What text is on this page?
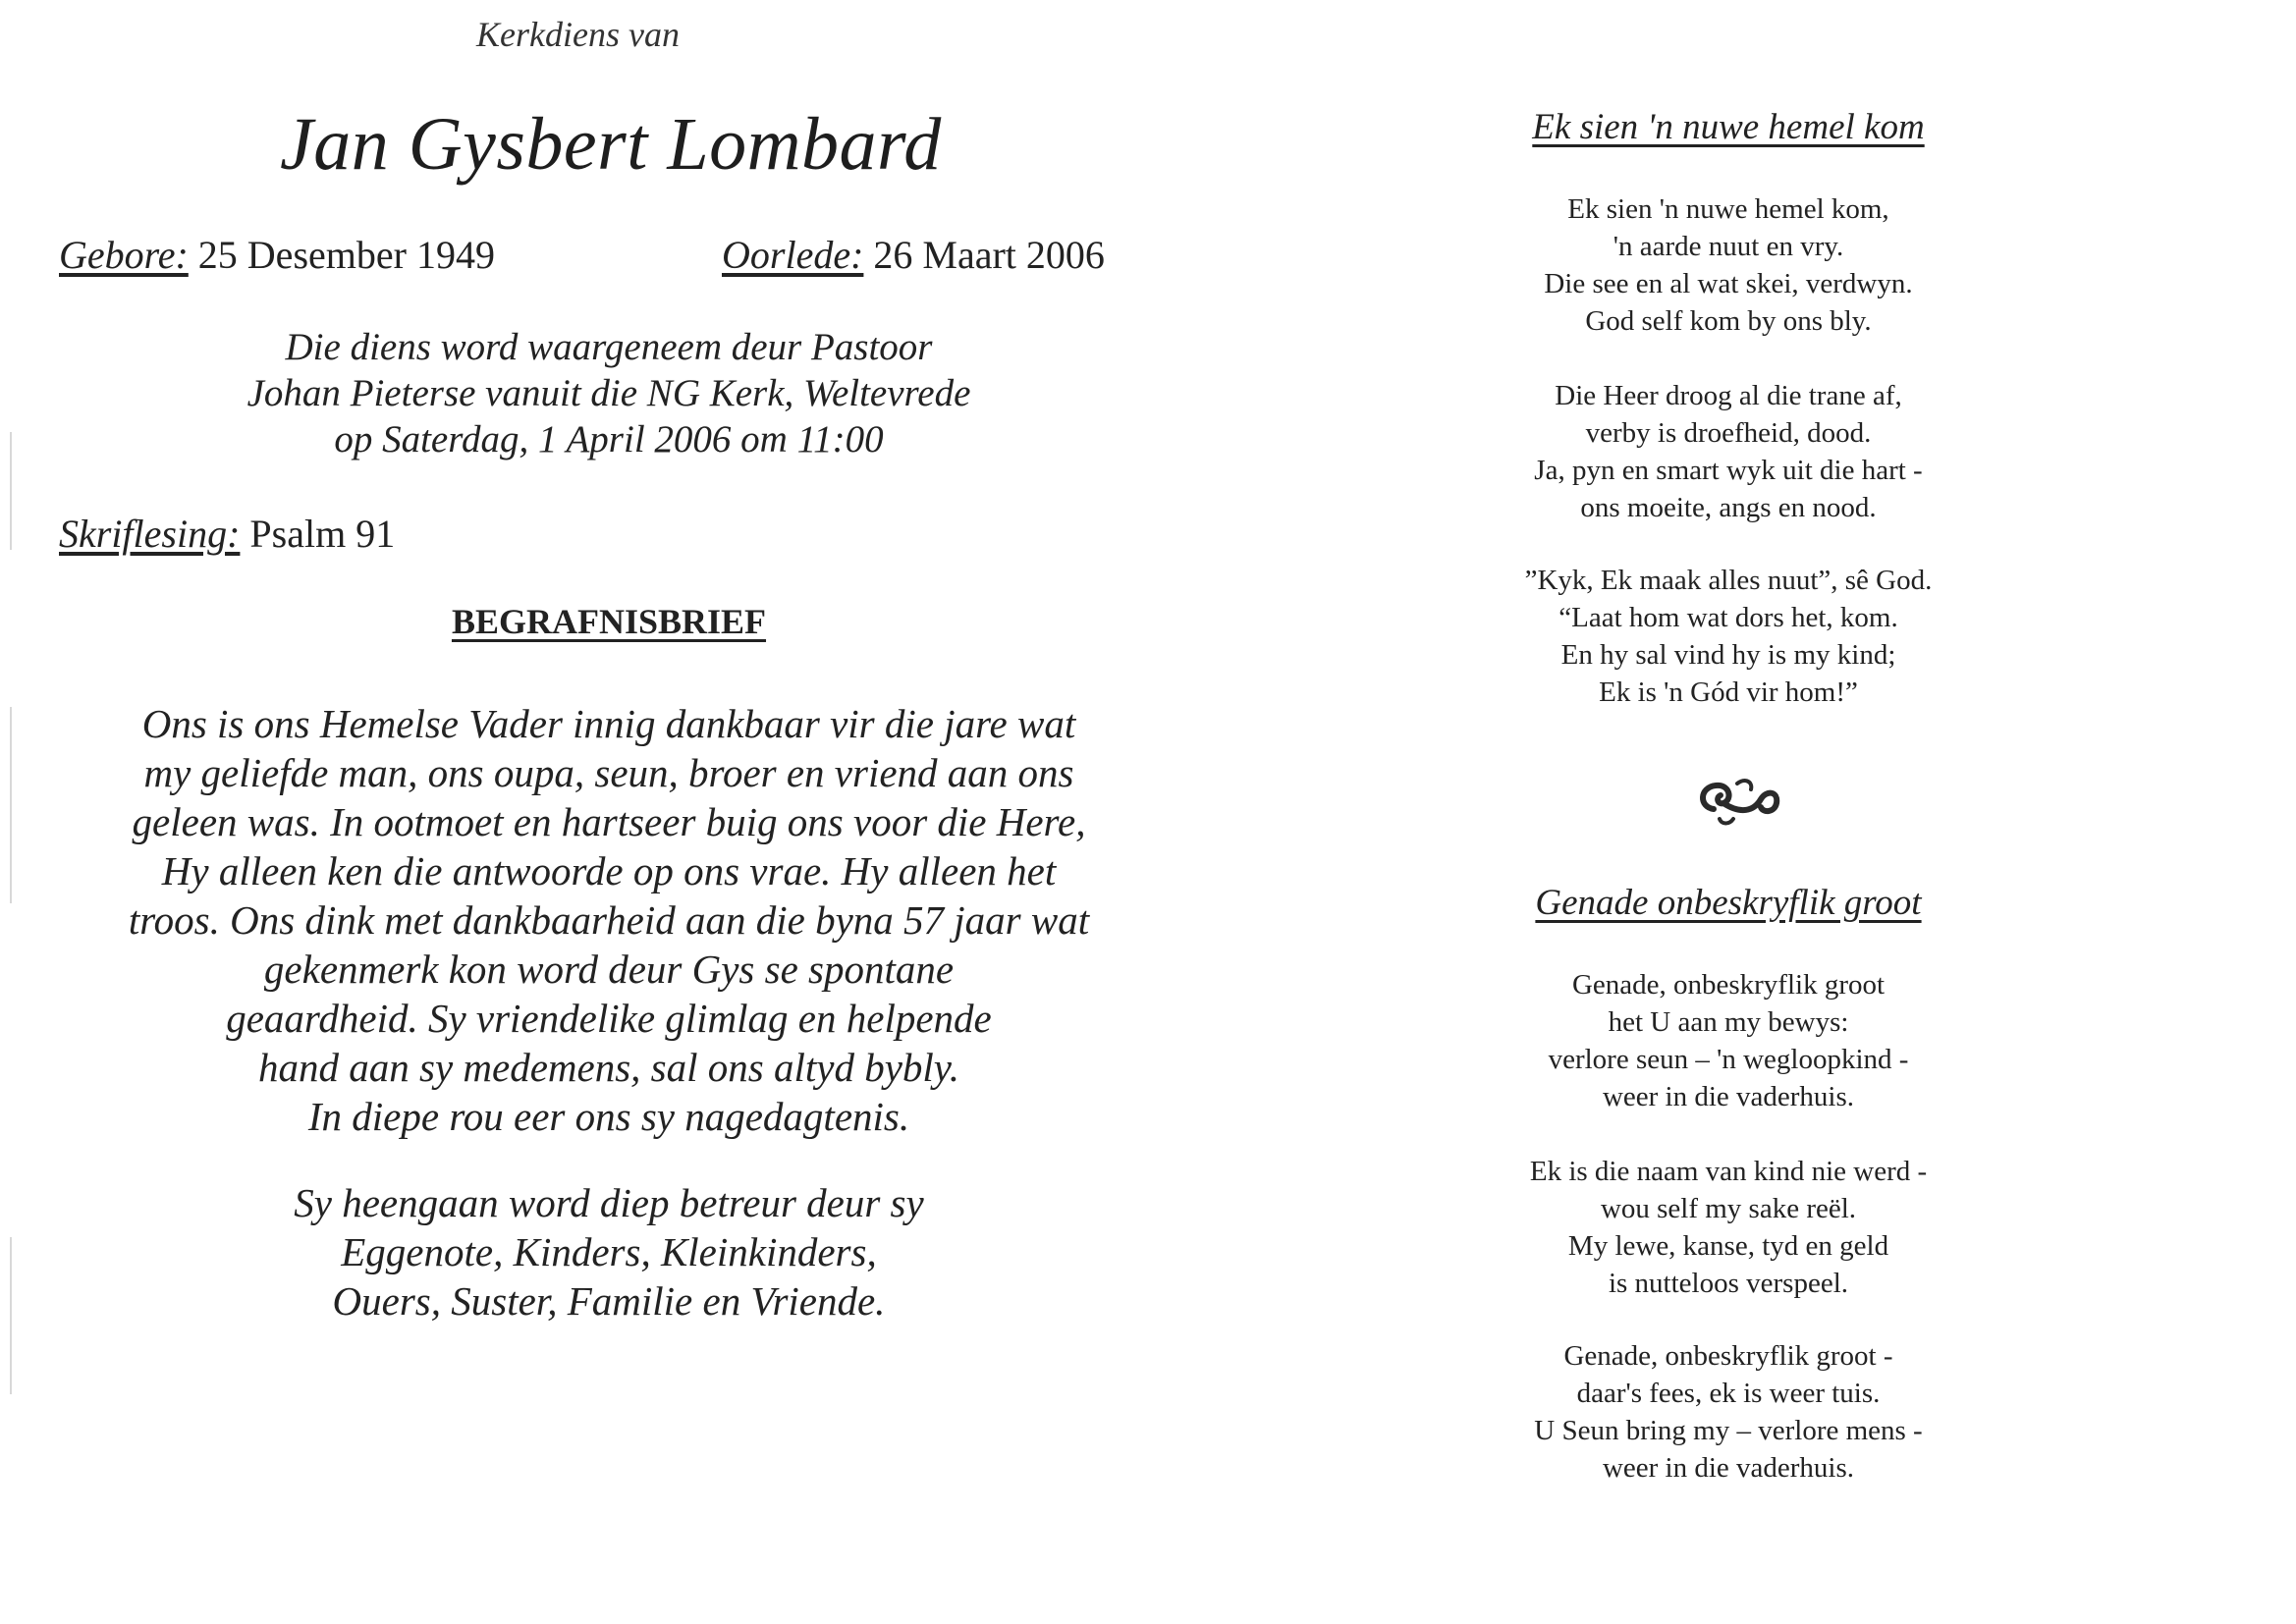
Kerkdiens van
Jan Gysbert Lombard
Gebore: 25 Desember 1949	Oorlede: 26 Maart 2006
Die diens word waargeneem deur Pastoor
Johan Pieterse vanuit die NG Kerk, Weltevrede
op Saterdag, 1 April 2006 om 11:00
Skriflesing: Psalm 91
BEGRAFNISBRIEF
Ons is ons Hemelse Vader innig dankbaar vir die jare wat
my geliefde man, ons oupa, seun, broer en vriend aan ons
geleen was. In ootmoet en hartseer buig ons voor die Here,
Hy alleen ken die antwoorde op ons vrae. Hy alleen het
troos. Ons dink met dankbaarheid aan die byna 57 jaar wat
gekenmerk kon word deur Gys se spontane
geaardheid. Sy vriendelike glimlag en helpende
hand aan sy medemens, sal ons altyd bybly.
In diepe rou eer ons sy nagedagtenis.
Sy heengaan word diep betreur deur sy
Eggenote, Kinders, Kleinkinders,
Ouers, Suster, Familie en Vriende.
Ek sien 'n nuwe hemel kom
Ek sien 'n nuwe hemel kom,
'n aarde nuut en vry.
Die see en al wat skei, verdwyn.
God self kom by ons bly.
Die Heer droog al die trane af,
verby is droefheid, dood.
Ja, pyn en smart wyk uit die hart -
ons moeite, angs en nood.
”Kyk, Ek maak alles nuut”, sê God.
“Laat hom wat dors het, kom.
En hy sal vind hy is my kind;
Ek is 'n Gód vir hom!”
Genade onbeskryflik groot
Genade, onbeskryflik groot
het U aan my bewys:
verlore seun – 'n wegloopkind -
weer in die vaderhuis.
Ek is die naam van kind nie werd -
wou self my sake reël.
My lewe, kanse, tyd en geld
is nutteloos verspeel.
Genade, onbeskryflik groot -
daar's fees, ek is weer tuis.
U Seun bring my – verlore mens -
weer in die vaderhuis.
